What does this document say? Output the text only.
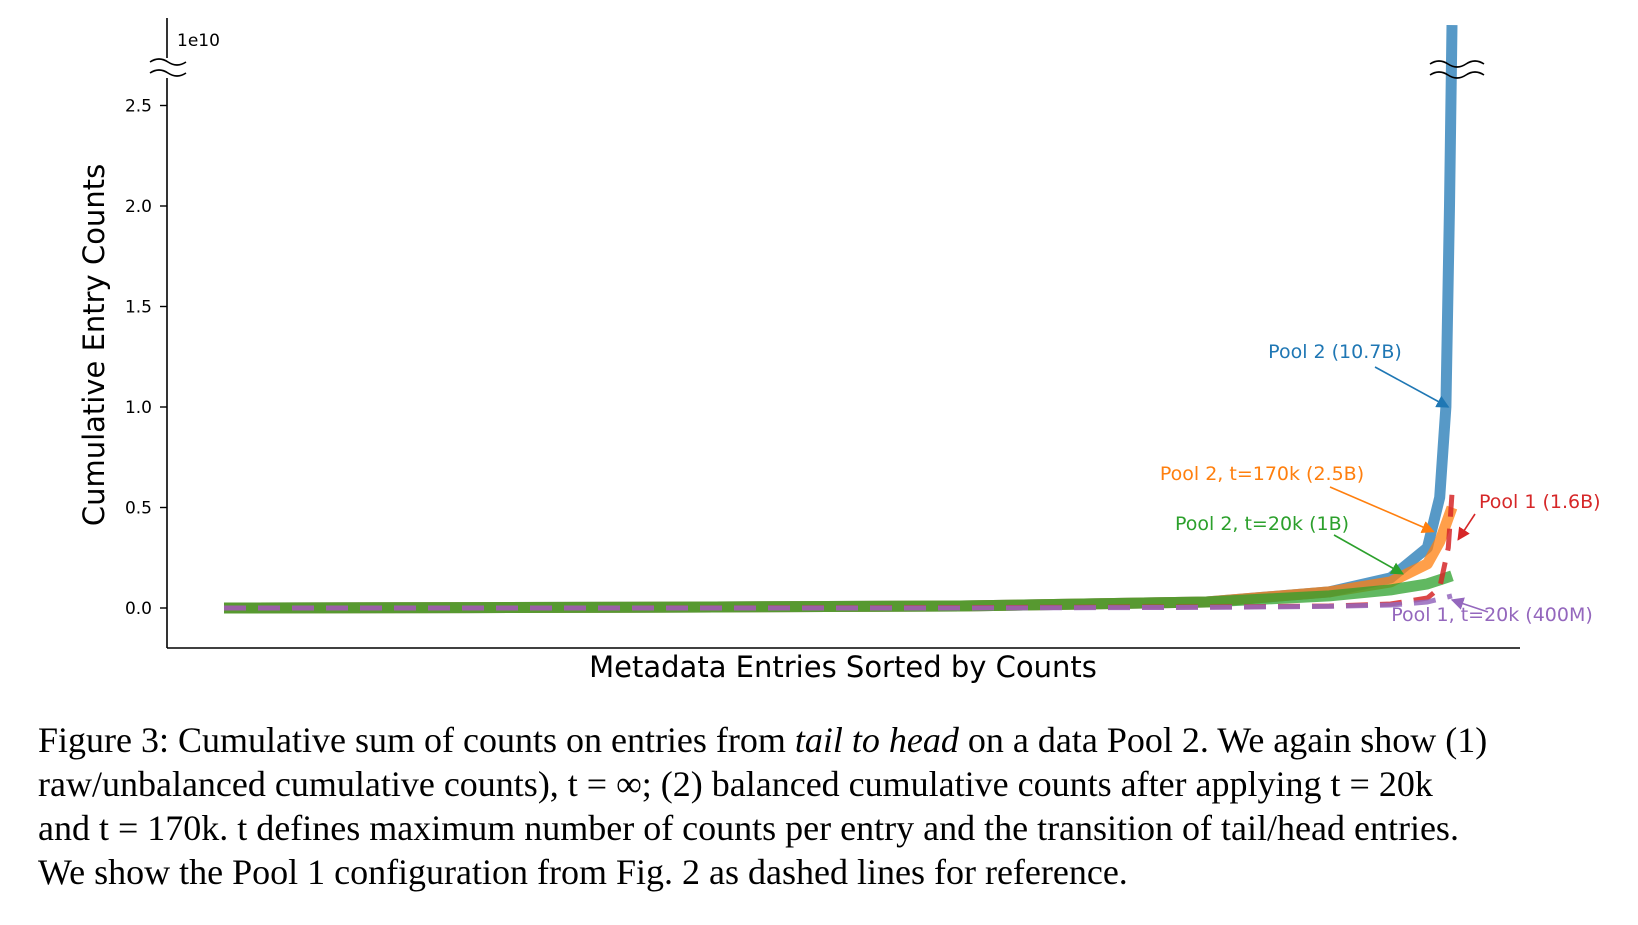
0.0
0.5
1.0
1.5
2.0
2.5
1e10
Cumulative Entry Counts
Metadata Entries Sorted by Counts
Pool 2 (10.7B)
Pool 2, t=170k (2.5B)
Pool 2, t=20k (1B)
Pool 1 (1.6B)
Pool 1, t=20k (400M)

Figure 3: Cumulative sum of counts on entries from tail to head on a data Pool 2. We again show (1)

raw/unbalanced cumulative counts), t = ∞; (2) balanced cumulative counts after applying t = 20k

and t = 170k. t defines maximum number of counts per entry and the transition of tail/head entries.

We show the Pool 1 configuration from Fig. 2 as dashed lines for reference.
